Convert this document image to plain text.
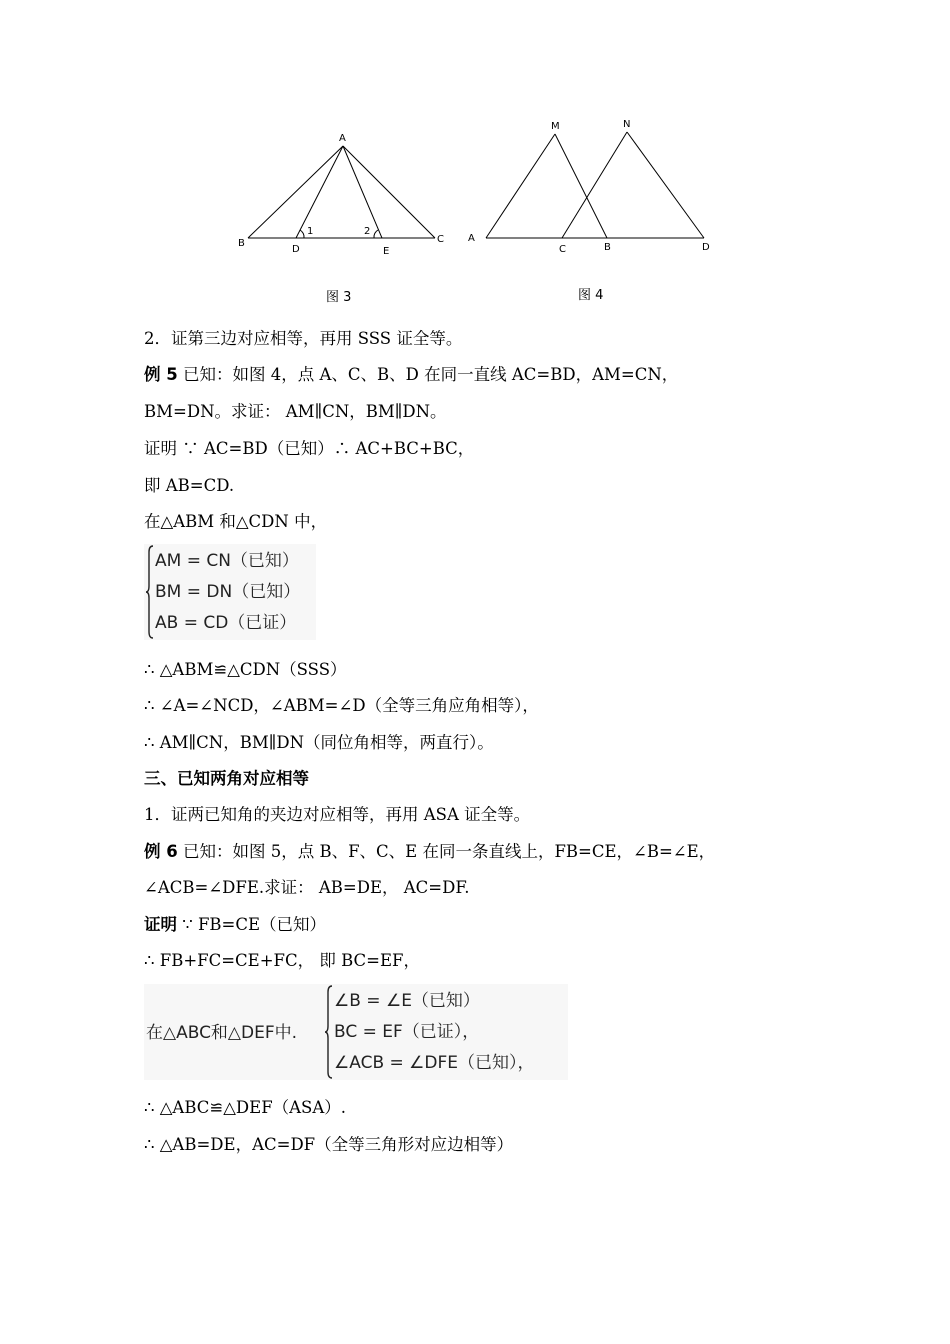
A
B	C
D	E
1	2
图 3
M	N
A
C	B	D
图 4
2．证第三边对应相等，再用 SSS 证全等。
例 5 已知：如图 4，点 A、C、B、D 在同一直线 AC=BD，AM=CN，
BM=DN。求证： AM∥CN，BM∥DN。
证明 ∵ AC=BD（已知）∴ AC+BC+BC，
即 AB=CD.
在△ABM 和△CDN 中，
AM = CN（已知）
BM = DN（已知）
AB = CD（已证）
∴ △ABM≌△CDN（SSS）
∴ ∠A=∠NCD，∠ABM=∠D（全等三角应角相等），
∴ AM∥CN，BM∥DN（同位角相等，两直行）。
三、已知两角对应相等
1．证两已知角的夹边对应相等，再用 ASA 证全等。
例 6 已知：如图 5，点 B、F、C、E 在同一条直线上，FB=CE，∠B=∠E，
∠ACB=∠DFE.求证： AB=DE， AC=DF.
证明 ∵ FB=CE（已知）
∴ FB+FC=CE+FC， 即 BC=EF，
在△ABC和△DEF中.
∠B = ∠E（已知）
BC = EF（已证），
∠ACB = ∠DFE（已知），
∴ △ABC≌△DEF（ASA）.
∴ △AB=DE，AC=DF（全等三角形对应边相等）
